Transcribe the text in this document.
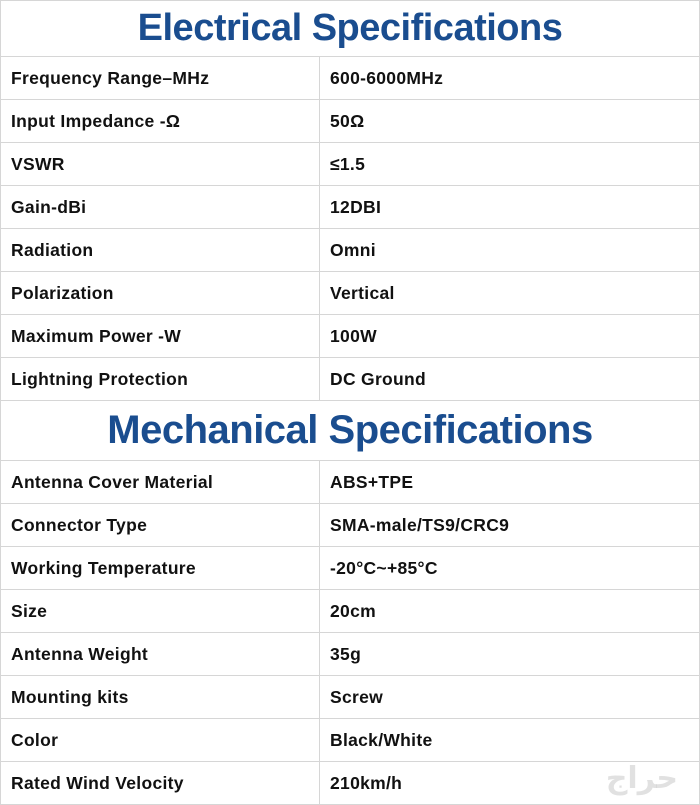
Electrical Specifications
Frequency Range–MHz	600-6000MHz
Input Impedance -Ω	50Ω
VSWR	≤1.5
Gain-dBi	12DBI
Radiation	Omni
Polarization	Vertical
Maximum Power -W	100W
Lightning Protection	DC Ground
Mechanical Specifications
Antenna Cover Material	ABS+TPE
Connector Type	SMA-male/TS9/CRC9
Working Temperature	-20°C~+85°C
Size	20cm
Antenna Weight	35g
Mounting kits	Screw
Color	Black/White
Rated Wind Velocity	210km/h	حراج
